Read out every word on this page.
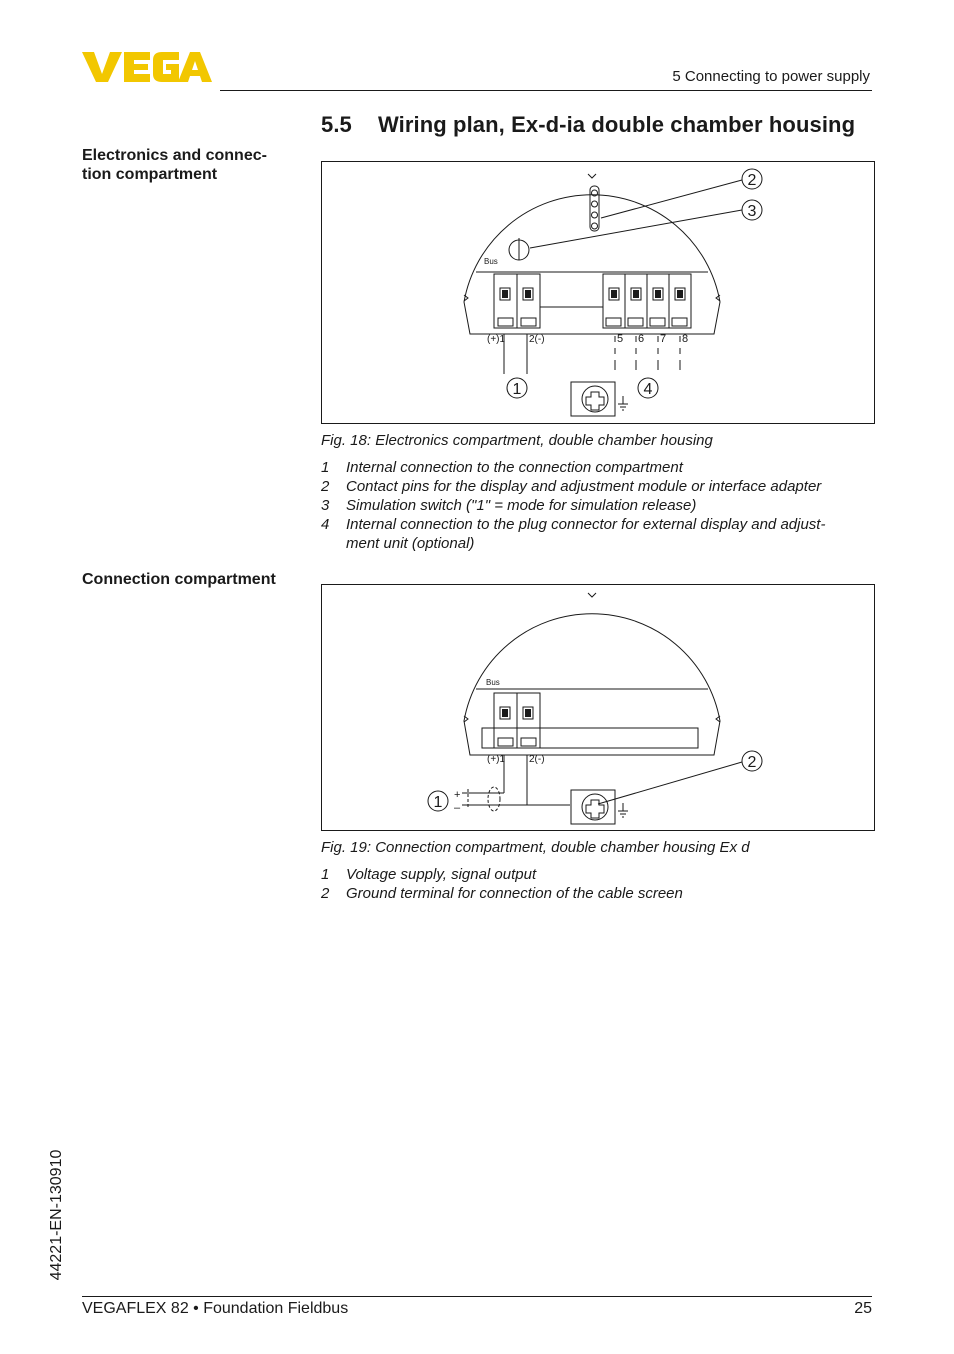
5 Connecting to power supply
5.5 Wiring plan, Ex-d-ia double chamber housing
Electronics and connec-
tion compartment
Bus
(+)1 2(-)	5 6 7 8
1
2
3
4
Fig. 18: Electronics compartment, double chamber housing
1	Internal connection to the connection compartment
2	Contact pins for the display and adjustment module or interface adapter
3	Simulation switch ("1" = mode for simulation release)
4	Internal connection to the plug connector for external display and adjust-
ment unit (optional)
Connection compartment
Bus
(+)1 2(-)
+
–
1
2
Fig. 19: Connection compartment, double chamber housing Ex d
1	Voltage supply, signal output
2	Ground terminal for connection of the cable screen
44221-EN-130910
VEGAFLEX 82 • Foundation Fieldbus	25
